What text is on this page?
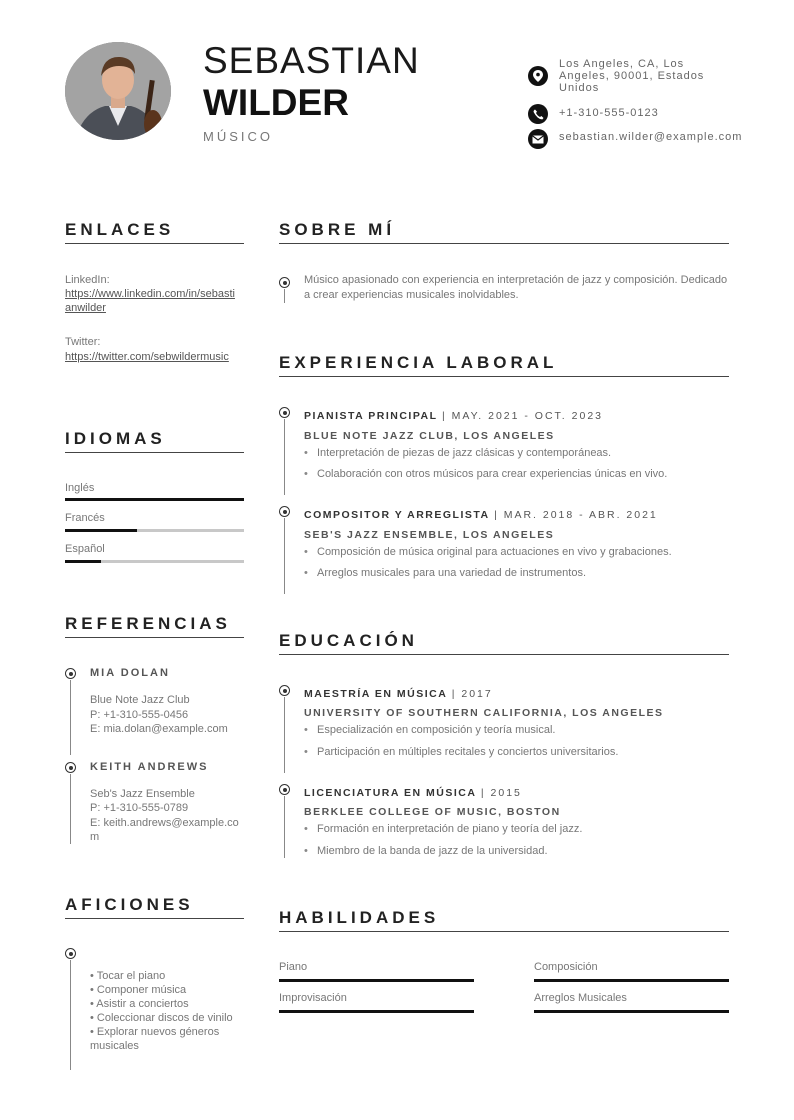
SEBASTIAN
WILDER
MÚSICO
Los Angeles, CA, Los Angeles, 90001, Estados Unidos
+1-310-555-0123
sebastian.wilder@example.com
ENLACES
LinkedIn:
https://www.linkedin.com/in/sebastianwilder
Twitter:
https://twitter.com/sebwildermusic
IDIOMAS
Inglés
Francés
Español
REFERENCIAS
MIA DOLAN
Blue Note Jazz Club
P: +1-310-555-0456
E: mia.dolan@example.com
KEITH ANDREWS
Seb's Jazz Ensemble
P: +1-310-555-0789
E: keith.andrews@example.com
AFICIONES
• Tocar el piano
• Componer música
• Asistir a conciertos
• Coleccionar discos de vinilo
• Explorar nuevos géneros musicales
SOBRE MÍ
Músico apasionado con experiencia en interpretación de jazz y composición. Dedicado a crear experiencias musicales inolvidables.
EXPERIENCIA LABORAL
PIANISTA PRINCIPAL | MAY. 2021 - OCT. 2023
BLUE NOTE JAZZ CLUB, LOS ANGELES
• Interpretación de piezas de jazz clásicas y contemporáneas.
• Colaboración con otros músicos para crear experiencias únicas en vivo.
COMPOSITOR Y ARREGLISTA | MAR. 2018 - ABR. 2021
SEB'S JAZZ ENSEMBLE, LOS ANGELES
• Composición de música original para actuaciones en vivo y grabaciones.
• Arreglos musicales para una variedad de instrumentos.
EDUCACIÓN
MAESTRÍA EN MÚSICA | 2017
UNIVERSITY OF SOUTHERN CALIFORNIA, LOS ANGELES
• Especialización en composición y teoría musical.
• Participación en múltiples recitales y conciertos universitarios.
LICENCIATURA EN MÚSICA | 2015
BERKLEE COLLEGE OF MUSIC, BOSTON
• Formación en interpretación de piano y teoría del jazz.
• Miembro de la banda de jazz de la universidad.
HABILIDADES
Piano	Composición
Improvisación	Arreglos Musicales
